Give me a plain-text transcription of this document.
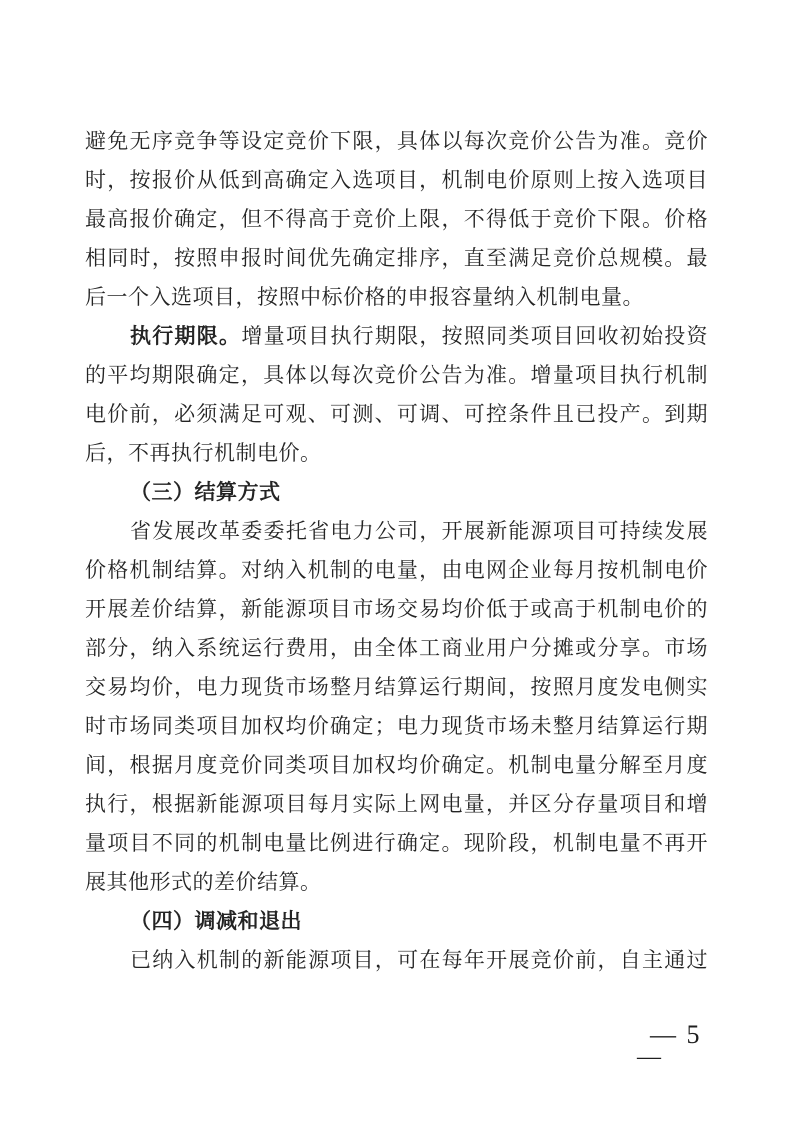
避免无序竞争等设定竞价下限，具体以每次竞价公告为准。竞价
时，按报价从低到高确定入选项目，机制电价原则上按入选项目
最高报价确定，但不得高于竞价上限，不得低于竞价下限。价格
相同时，按照申报时间优先确定排序，直至满足竞价总规模。最
后一个入选项目，按照中标价格的申报容量纳入机制电量。
执行期限。增量项目执行期限，按照同类项目回收初始投资
的平均期限确定，具体以每次竞价公告为准。增量项目执行机制
电价前，必须满足可观、可测、可调、可控条件且已投产。到期
后，不再执行机制电价。
（三）结算方式
省发展改革委委托省电力公司，开展新能源项目可持续发展
价格机制结算。对纳入机制的电量，由电网企业每月按机制电价
开展差价结算，新能源项目市场交易均价低于或高于机制电价的
部分，纳入系统运行费用，由全体工商业用户分摊或分享。市场
交易均价，电力现货市场整月结算运行期间，按照月度发电侧实
时市场同类项目加权均价确定；电力现货市场未整月结算运行期
间，根据月度竞价同类项目加权均价确定。机制电量分解至月度
执行，根据新能源项目每月实际上网电量，并区分存量项目和增
量项目不同的机制电量比例进行确定。现阶段，机制电量不再开
展其他形式的差价结算。
（四）调减和退出
已纳入机制的新能源项目，可在每年开展竞价前，自主通过
— 5
—
